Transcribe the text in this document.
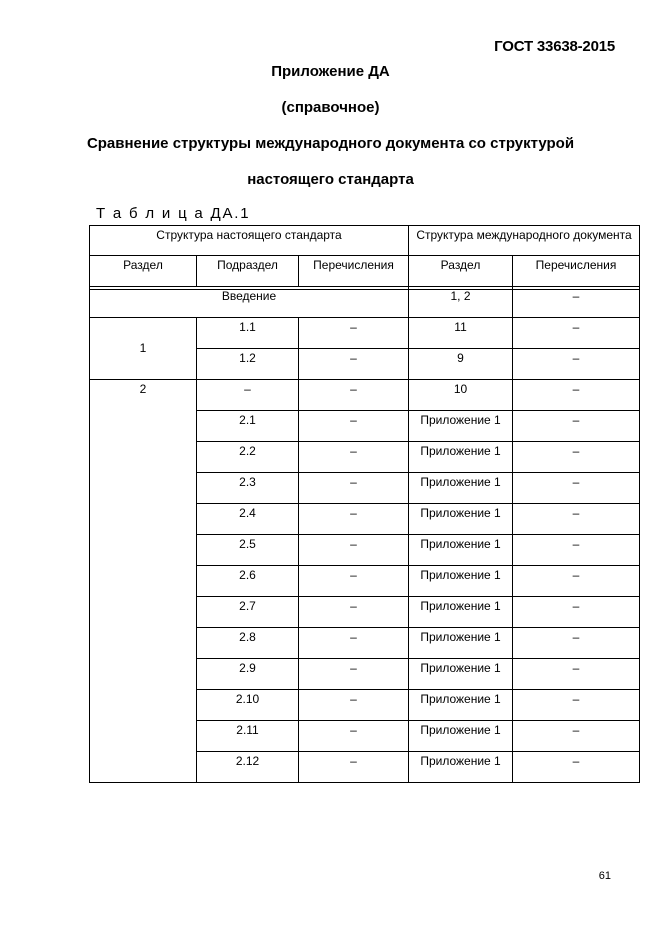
ГОСТ 33638-2015
Приложение ДА
(справочное)
Сравнение структуры международного документа со структурой
настоящего стандарта
Т а б л и ц а ДА.1
Структура настоящего стандарта			Структура международного документа	
Раздел	Подраздел	Перечисления	Раздел	Перечисления
Введение			1, 2	–
1	1.1	–	11	–
	1.2	–	9	–
2	–	–	10	–
	2.1	–	Приложение 1	–
	2.2	–	Приложение 1	–
	2.3	–	Приложение 1	–
	2.4	–	Приложение 1	–
	2.5	–	Приложение 1	–
	2.6	–	Приложение 1	–
	2.7	–	Приложение 1	–
	2.8	–	Приложение 1	–
	2.9	–	Приложение 1	–
	2.10	–	Приложение 1	–
	2.11	–	Приложение 1	–
	2.12	–	Приложение 1	–
61
